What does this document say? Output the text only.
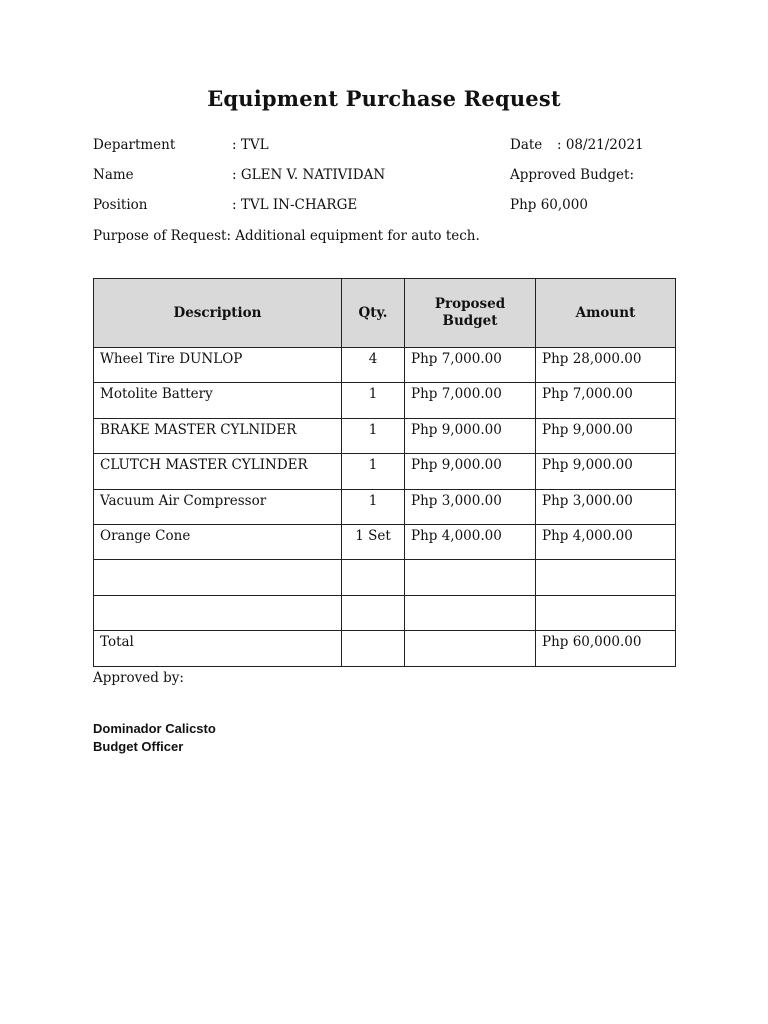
Equipment Purchase Request
Department	: TVL	Date : 08/21/2021
Name	: GLEN V. NATIVIDAN	Approved Budget:
Position	: TVL IN-CHARGE	Php 60,000
Purpose of Request: Additional equipment for auto tech.
Description	Qty.	Proposed Budget	Amount
Wheel Tire DUNLOP	4	Php 7,000.00	Php 28,000.00
Motolite Battery	1	Php 7,000.00	Php 7,000.00
BRAKE MASTER CYLNIDER	1	Php 9,000.00	Php 9,000.00
CLUTCH MASTER CYLINDER	1	Php 9,000.00	Php 9,000.00
Vacuum Air Compressor	1	Php 3,000.00	Php 3,000.00
Orange Cone	1 Set	Php 4,000.00	Php 4,000.00

Total			Php 60,000.00
Approved by:
Dominador Calicsto
Budget Officer
